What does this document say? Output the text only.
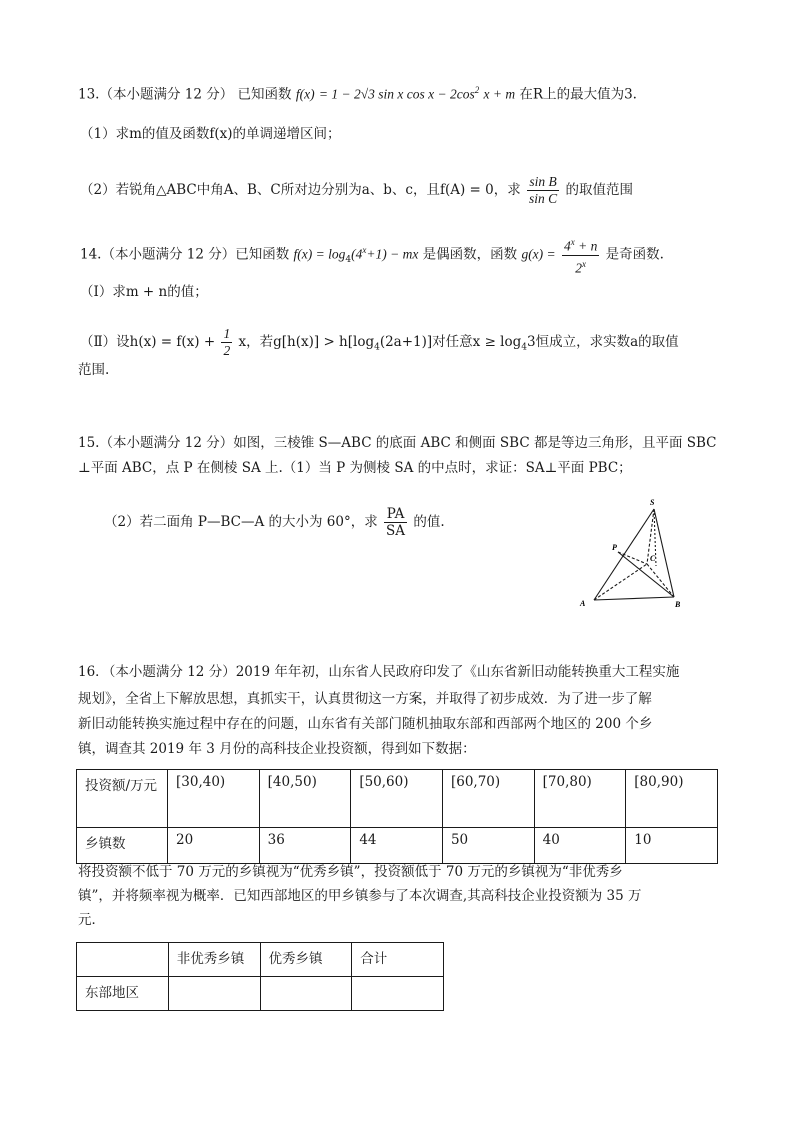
13.（本小题满分 12 分） 已知函数 f(x) = 1 − 2√3 sin x $\cos x - 2\cos^2$ x + m 在R上的最大值为3.
（1）求m的值及函数f(x)的单调递增区间；
（2）若锐角△ABC中角A、B、C所对边分别为a、b、c，且f(A) = 0，求 $\frac{\text{sin B}}{\text{sin C}}$ 的取值范围
14.（本小题满分 12 分）已知函数 $f(x) = \log_4(4^x+1)$ − mx 是偶函数，函数 $g(x) = \frac{4^x + n}{2^x}$ 是奇函数.
（Ⅰ）求m + n的值；
（Ⅱ）设$h(x) = f(x) + \frac{1}{2}$ x，若$g[h(x)] > h[\log_4(2a+1)]$对任意$x \ge \log_43$恒成立，求实数a的取值
范围.
15.（本小题满分 12 分）如图，三棱锥 S—ABC 的底面 ABC 和侧面 SBC 都是等边三角形，且平面 SBC
⊥平面 ABC，点 P 在侧棱 SA 上.（1）当 P 为侧棱 SA 的中点时，求证：SA⊥平面 PBC；
（2）若二面角 P—BC—A 的大小为 60°，求 $\frac{PA}{SA}$ 的值.
S
P
C
A	B
16．（本小题满分 12 分）2019 年年初，山东省人民政府印发了《山东省新旧动能转换重大工程实施
规划》，全省上下解放思想，真抓实干，认真贯彻这一方案，并取得了初步成效．为了进一步了解
新旧动能转换实施过程中存在的问题，山东省有关部门随机抽取东部和西部两个地区的 200 个乡
镇，调查其 2019 年 3 月份的高科技企业投资额，得到如下数据：
投资额/万元	[30,40)	[40,50)	[50,60)	[60,70)	[70,80)	[80,90)
乡镇数	20	36	44	50	40	10
将投资额不低于 70 万元的乡镇视为“优秀乡镇”，投资额低于 70 万元的乡镇视为“非优秀乡
镇”，并将频率视为概率．已知西部地区的甲乡镇参与了本次调查,其高科技企业投资额为 35 万
元．
	非优秀乡镇	优秀乡镇	合计
东部地区			
